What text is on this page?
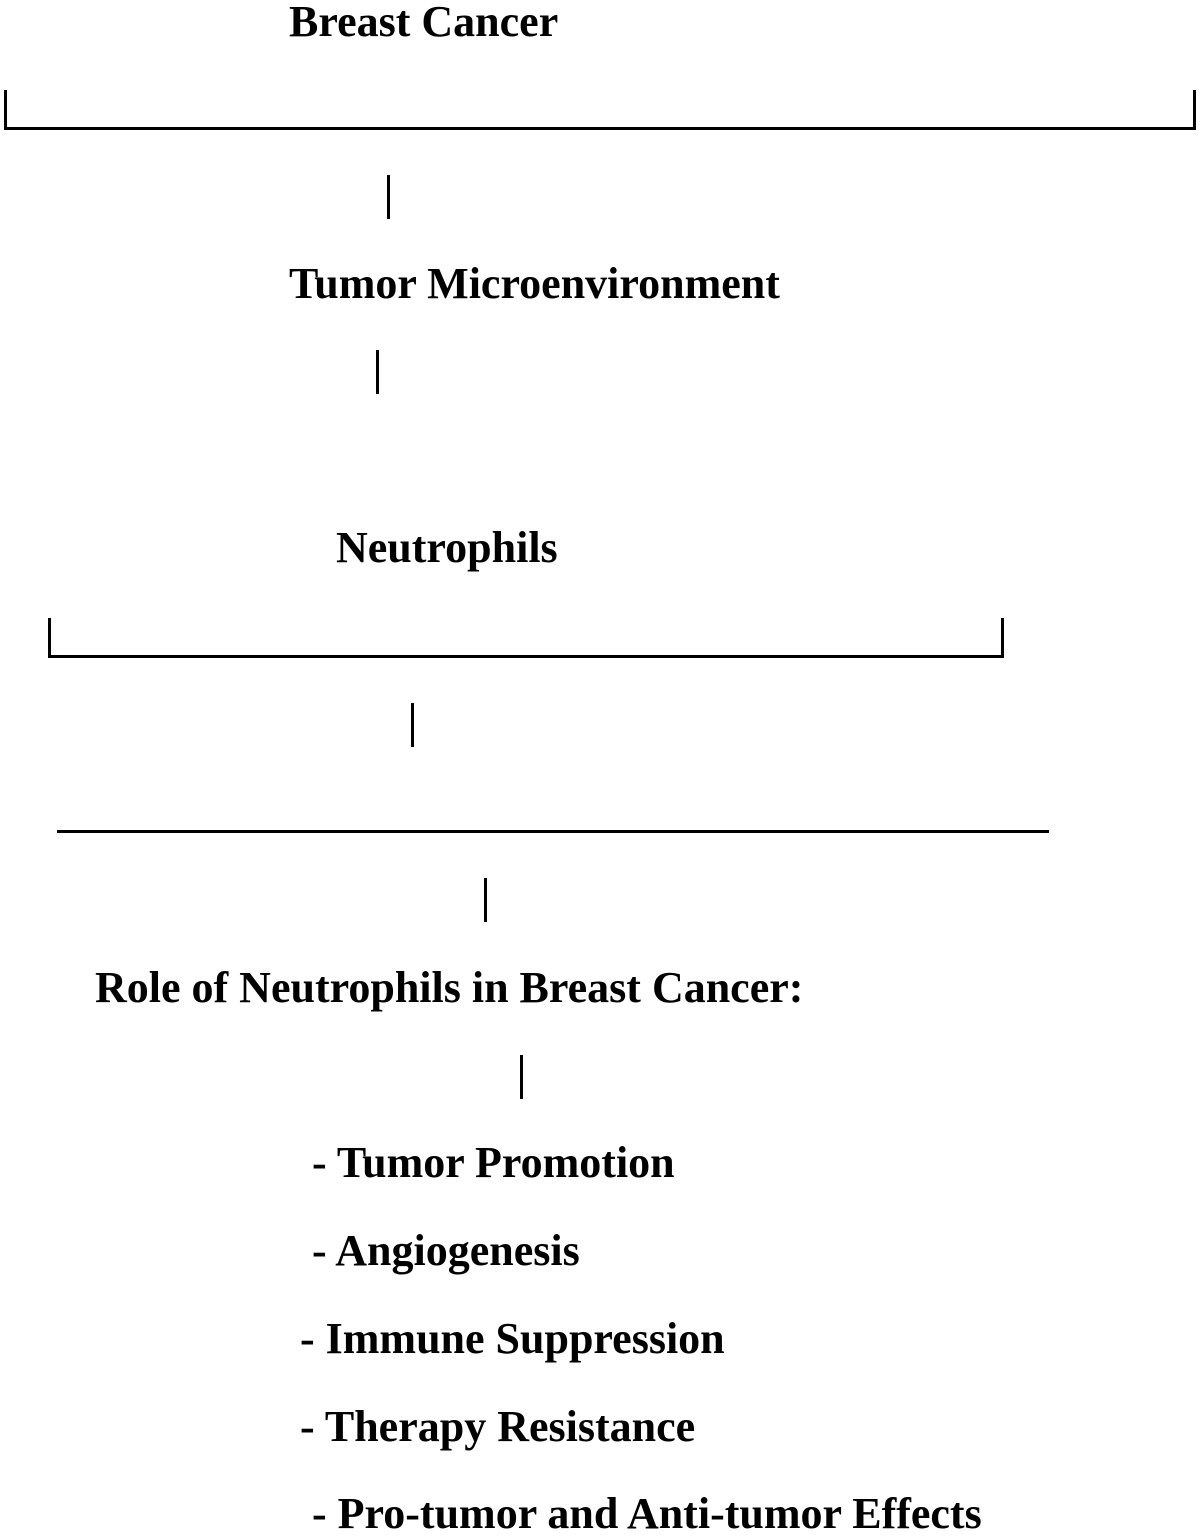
Breast Cancer
Tumor Microenvironment
Neutrophils
Role of Neutrophils in Breast Cancer:
- Tumor Promotion
- Angiogenesis
- Immune Suppression
- Therapy Resistance
- Pro-tumor and Anti-tumor Effects
